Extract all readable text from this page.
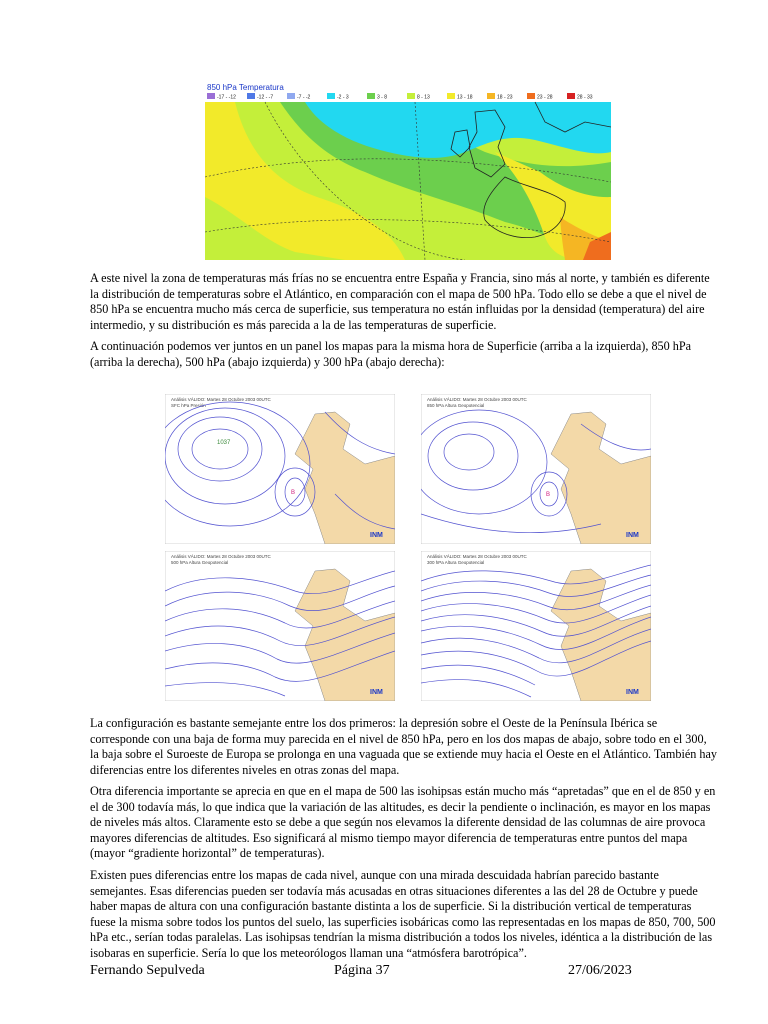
850 hPa Temperatura
-17 - -12	-12 - -7	-7 - -2	-2 - 3	3 - 8	8 - 13	13 - 18	18 - 23	23 - 28	28 - 33

A este nivel la zona de temperaturas más frías no se encuentra entre España y Francia, sino más al norte, y también es diferente la distribución de temperaturas sobre el Atlántico, en comparación con el mapa de 500 hPa. Todo ello se debe a que el nivel de 850 hPa se encuentra mucho más cerca de superficie, sus temperatura no están influidas por la densidad (temperatura) del aire intermedio, y su distribución es más parecida a la de las temperaturas de superficie.

A continuación podemos ver juntos en un panel los mapas para la misma hora de Superficie (arriba a la izquierda), 850 hPa (arriba la derecha), 500 hPa (abajo izquierda) y 300 hPa (abajo derecha):

Análisis VÁLIDO: Martes 28 Octubre 2003 00UTC
SFC hPa Presión
1037
B
INM
Análisis VÁLIDO: Martes 28 Octubre 2003 00UTC
850 hPa Altura Geopotencial
B
INM
Análisis VÁLIDO: Martes 28 Octubre 2003 00UTC
500 hPa Altura Geopotencial
INM
Análisis VÁLIDO: Martes 28 Octubre 2003 00UTC
300 hPa Altura Geopotencial
INM

La configuración es bastante semejante entre los dos primeros: la depresión sobre el Oeste de la Península Ibérica se corresponde con una baja de forma muy parecida en el nivel de 850 hPa, pero en los dos mapas de abajo, sobre todo en el 300, la baja sobre el Suroeste de Europa se prolonga en una vaguada que se extiende muy hacia el Oeste en el Atlántico. También hay diferencias entre los diferentes niveles en otras zonas del mapa.

Otra diferencia importante se aprecia en que en el mapa de 500 las isohipsas están mucho más “apretadas” que en el de 850 y en el de 300 todavía más, lo que indica que la variación de las altitudes, es decir la pendiente o inclinación, es mayor en los mapas de niveles más altos. Claramente esto se debe a que según nos elevamos la diferente densidad de las columnas de aire provoca mayores diferencias de altitudes. Eso significará al mismo tiempo mayor diferencia de temperaturas entre puntos del mapa (mayor “gradiente horizontal” de temperaturas).

Existen pues diferencias entre los mapas de cada nivel, aunque con una mirada descuidada habrían parecido bastante semejantes. Esas diferencias pueden ser todavía más acusadas en otras situaciones diferentes a las del 28 de Octubre y puede haber mapas de altura con una configuración bastante distinta a los de superficie. Si la distribución vertical de temperaturas fuese la misma sobre todos los puntos del suelo, las superficies isobáricas como las representadas en los mapas de 850, 700, 500 hPa etc., serían todas paralelas. Las isohipsas tendrían la misma distribución a todos los niveles, idéntica a la distribución de las isobaras en superficie. Sería lo que los meteorólogos llaman una “atmósfera barotrópica”.

Fernando Sepulveda	Página 37	27/06/2023
